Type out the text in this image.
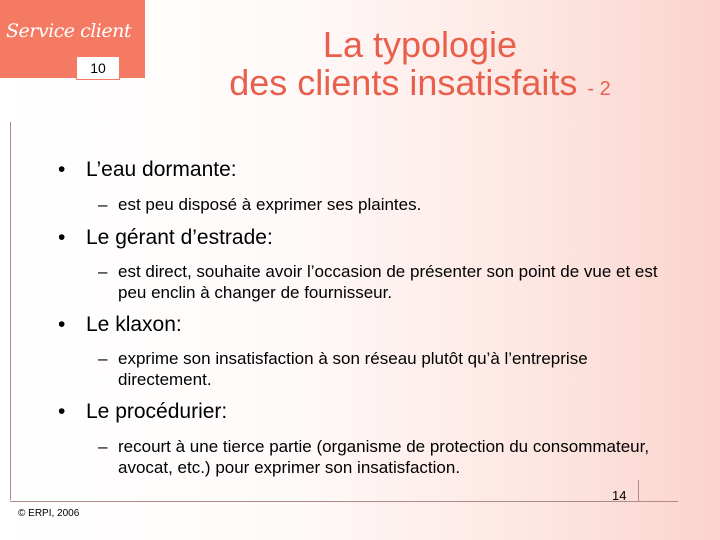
Service client
10
La typologie
des clients insatisfaits - 2
• L’eau dormante:
– est peu disposé à exprimer ses plaintes.
• Le gérant d’estrade:
– est direct, souhaite avoir l’occasion de présenter son point de vue et est peu enclin à changer de fournisseur.
• Le klaxon:
– exprime son insatisfaction à son réseau plutôt qu’à l’entreprise directement.
• Le procédurier:
– recourt à une tierce partie (organisme de protection du consommateur, avocat, etc.) pour exprimer son insatisfaction.
14
© ERPI, 2006
